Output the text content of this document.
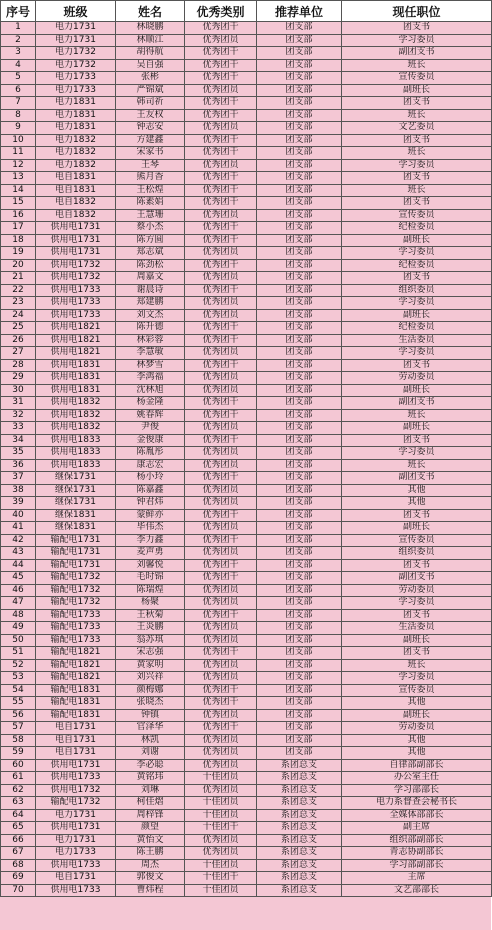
序号	班级	姓名	优秀类别	推荐单位	现任职位
1	电力1731	林晓鹏	优秀团干	团支部	团支书
2	电力1731	林顺江	优秀团员	团支部	学习委员
3	电力1732	胡得航	优秀团干	团支部	副团支书
4	电力1732	吴自强	优秀团干	团支部	班长
5	电力1733	张彬	优秀团干	团支部	宣传委员
6	电力1733	严锦斌	优秀团员	团支部	副班长
7	电力1831	韩司祈	优秀团干	团支部	团支书
8	电力1831	王友权	优秀团干	团支部	班长
9	电力1831	钟志安	优秀团员	团支部	文艺委员
10	电力1832	方建鑫	优秀团干	团支部	团支书
11	电力1832	宋家书	优秀团干	团支部	班长
12	电力1832	王琴	优秀团员	团支部	学习委员
13	电自1831	熊月香	优秀团干	团支部	团支书
14	电自1831	王松煌	优秀团干	团支部	班长
15	电自1832	陈素娟	优秀团干	团支部	团支书
16	电自1832	王慧珊	优秀团员	团支部	宣传委员
17	供用电1731	蔡小杰	优秀团干	团支部	纪检委员
18	供用电1731	陈方圆	优秀团干	团支部	副班长
19	供用电1731	郑志斌	优秀团员	团支部	学习委员
20	供用电1732	陈劲松	优秀团干	团支部	纪检委员
21	供用电1732	周嘉文	优秀团员	团支部	团支书
22	供用电1733	谢晨诗	优秀团干	团支部	组织委员
23	供用电1733	郑建鹏	优秀团员	团支部	学习委员
24	供用电1733	刘文杰	优秀团员	团支部	副班长
25	供用电1821	陈升德	优秀团干	团支部	纪检委员
26	供用电1821	林彩蓉	优秀团干	团支部	生活委员
27	供用电1821	李慧敏	优秀团员	团支部	学习委员
28	供用电1831	林梦雪	优秀团干	团支部	团支书
29	供用电1831	李鸿福	优秀团员	团支部	劳动委员
30	供用电1831	沈林旭	优秀团员	团支部	副班长
31	供用电1832	杨金隆	优秀团干	团支部	副团支书
32	供用电1832	姚春辉	优秀团干	团支部	班长
33	供用电1832	尹俊	优秀团员	团支部	副班长
34	供用电1833	金俊康	优秀团干	团支部	团支书
35	供用电1833	陈胤彤	优秀团员	团支部	学习委员
36	供用电1833	康志宏	优秀团员	团支部	班长
37	继保1731	杨小玲	优秀团干	团支部	副团支书
38	继保1731	陈嘉鑫	优秀团员	团支部	其他
39	继保1731	钟君炜	优秀团员	团支部	其他
40	继保1831	蒙鲜亦	优秀团干	团支部	团支书
41	继保1831	毕伟杰	优秀团员	团支部	副班长
42	输配电1731	李力鑫	优秀团干	团支部	宣传委员
43	输配电1731	麦声勇	优秀团员	团支部	组织委员
44	输配电1731	刘馨悦	优秀团干	团支部	团支书
45	输配电1732	毛时锦	优秀团干	团支部	副团支书
46	输配电1732	陈瑞煌	优秀团员	团支部	劳动委员
47	输配电1732	杨聚	优秀团员	团支部	学习委员
48	输配电1733	王秋菊	优秀团干	团支部	团支书
49	输配电1733	王炎鹏	优秀团员	团支部	生活委员
50	输配电1733	翁苏琪	优秀团员	团支部	副班长
51	输配电1821	宋志强	优秀团干	团支部	团支书
52	输配电1821	黄家明	优秀团员	团支部	班长
53	输配电1821	刘兴祥	优秀团员	团支部	学习委员
54	输配电1831	颜梅娜	优秀团干	团支部	宣传委员
55	输配电1831	张晓杰	优秀团干	团支部	其他
56	输配电1831	钟镇	优秀团员	团支部	副班长
57	电自1731	官泽华	优秀团干	团支部	劳动委员
58	电自1731	林凯	优秀团员	团支部	其他
59	电自1731	刘谢	优秀团员	团支部	其他
60	供用电1731	李必聪	优秀团员	系团总支	自律部副部长
61	供用电1733	黄铭玮	十佳团员	系团总支	办公室主任
62	供用电1732	刘琳	优秀团员	系团总支	学习部部长
63	输配电1732	柯佳熠	十佳团员	系团总支	电力系督查会秘书长
64	电力1731	周梓锋	十佳团员	系团总支	全媒体部部长
65	供用电1731	颜望	十佳团干	系团总支	副主席
66	电力1731	黄怡文	优秀团员	系团总支	组织部副部长
67	电力1733	陈王鹏	优秀团员	系团总支	青志协副部长
68	供用电1733	周杰	十佳团员	系团总支	学习部副部长
69	电自1731	郭俊文	十佳团干	系团总支	主席
70	供用电1733	曹炜程	十佳团员	系团总支	文艺部部长
